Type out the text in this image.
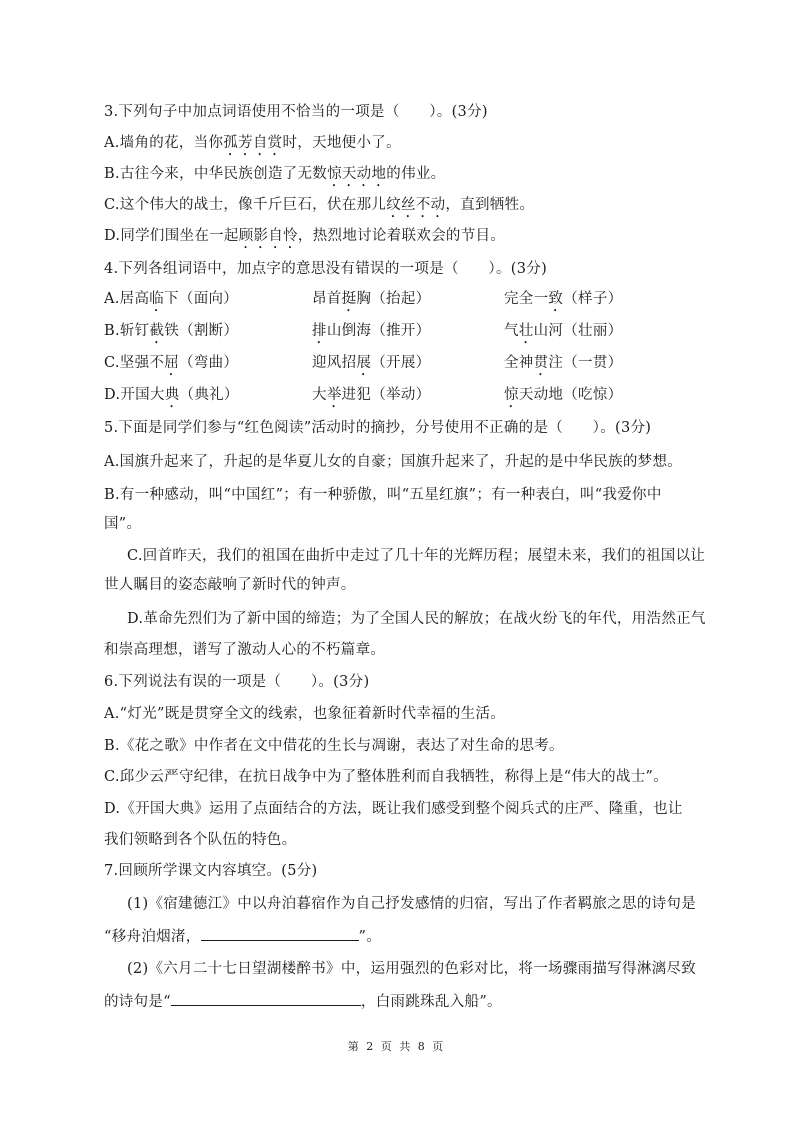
3.下列句子中加点词语使用不恰当的一项是（　　）。(3分)
A.墙角的花，当你孤芳自赏时，天地便小了。
B.古往今来，中华民族创造了无数惊天动地的伟业。
C.这个伟大的战士，像千斤巨石，伏在那儿纹丝不动，直到牺牲。
D.同学们围坐在一起顾影自怜，热烈地讨论着联欢会的节目。
4.下列各组词语中，加点字的意思没有错误的一项是（　　）。(3分)
A.居高临下（面向）	昂首挺胸（抬起）	完全一致（样子）
B.斩钉截铁（割断）	排山倒海（推开）	气壮山河（壮丽）
C.坚强不屈（弯曲）	迎风招展（开展）	全神贯注（一贯）
D.开国大典（典礼）	大举进犯（举动）	惊天动地（吃惊）
5.下面是同学们参与“红色阅读”活动时的摘抄，分号使用不正确的是（　　）。(3分)
A.国旗升起来了，升起的是华夏儿女的自豪；国旗升起来了，升起的是中华民族的梦想。
B.有一种感动，叫“中国红”；有一种骄傲，叫“五星红旗”；有一种表白，叫“我爱你中
国”。
C.回首昨天，我们的祖国在曲折中走过了几十年的光辉历程；展望未来，我们的祖国以让
世人瞩目的姿态敲响了新时代的钟声。
D.革命先烈们为了新中国的缔造；为了全国人民的解放；在战火纷飞的年代，用浩然正气
和崇高理想，谱写了激动人心的不朽篇章。
6.下列说法有误的一项是（　　）。(3分)
A.“灯光”既是贯穿全文的线索，也象征着新时代幸福的生活。
B.《花之歌》中作者在文中借花的生长与凋谢，表达了对生命的思考。
C.邱少云严守纪律，在抗日战争中为了整体胜利而自我牺牲，称得上是“伟大的战士”。
D.《开国大典》运用了点面结合的方法，既让我们感受到整个阅兵式的庄严、隆重，也让
我们领略到各个队伍的特色。
7.回顾所学课文内容填空。(5分)
(1)《宿建德江》中以舟泊暮宿作为自己抒发感情的归宿，写出了作者羁旅之思的诗句是
“移舟泊烟渚，	”。
(2)《六月二十七日望湖楼醉书》中，运用强烈的色彩对比，将一场骤雨描写得淋漓尽致
的诗句是“	，白雨跳珠乱入船”。
第 2 页 共 8 页
